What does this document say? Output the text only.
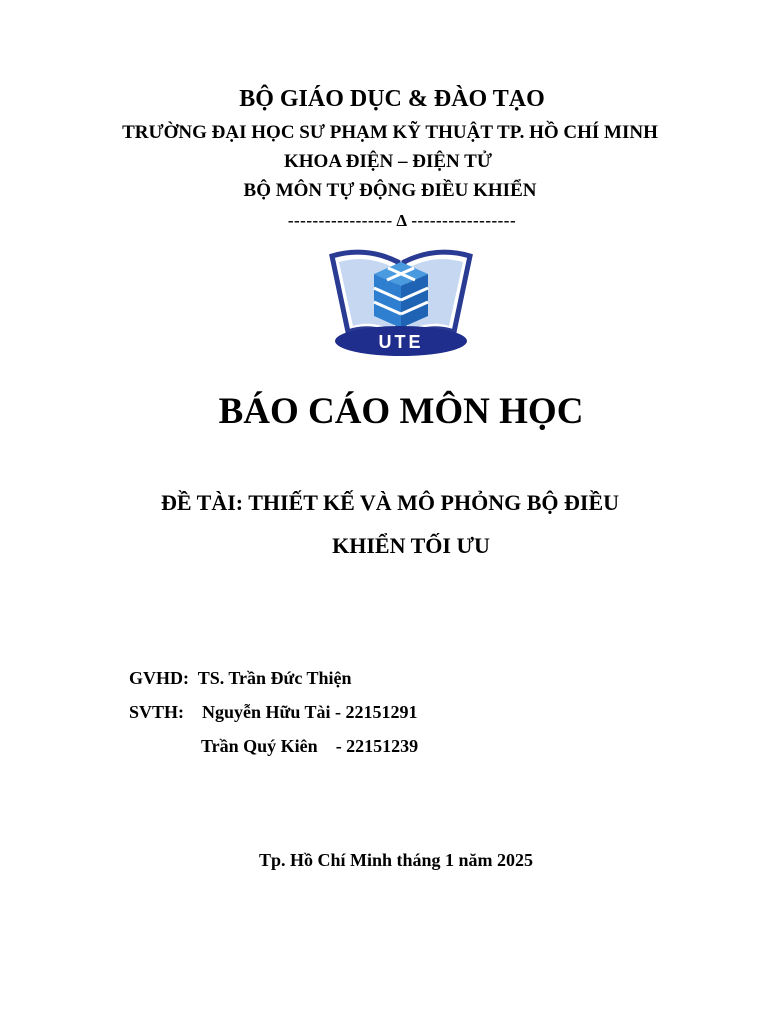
BỘ GIÁO DỤC & ĐÀO TẠO
TRƯỜNG ĐẠI HỌC SƯ PHẠM KỸ THUẬT TP. HỒ CHÍ MINH
KHOA ĐIỆN – ĐIỆN TỬ
BỘ MÔN TỰ ĐỘNG ĐIỀU KHIỂN
----------------- Δ -----------------
UTE
BÁO CÁO MÔN HỌC
ĐỀ TÀI: THIẾT KẾ VÀ MÔ PHỎNG BỘ ĐIỀU
KHIỂN TỐI ƯU
GVHD: TS. Trần Đức Thiện
SVTH: Nguyễn Hữu Tài - 22151291
Trần Quý Kiên - 22151239
Tp. Hồ Chí Minh tháng 1 năm 2025
